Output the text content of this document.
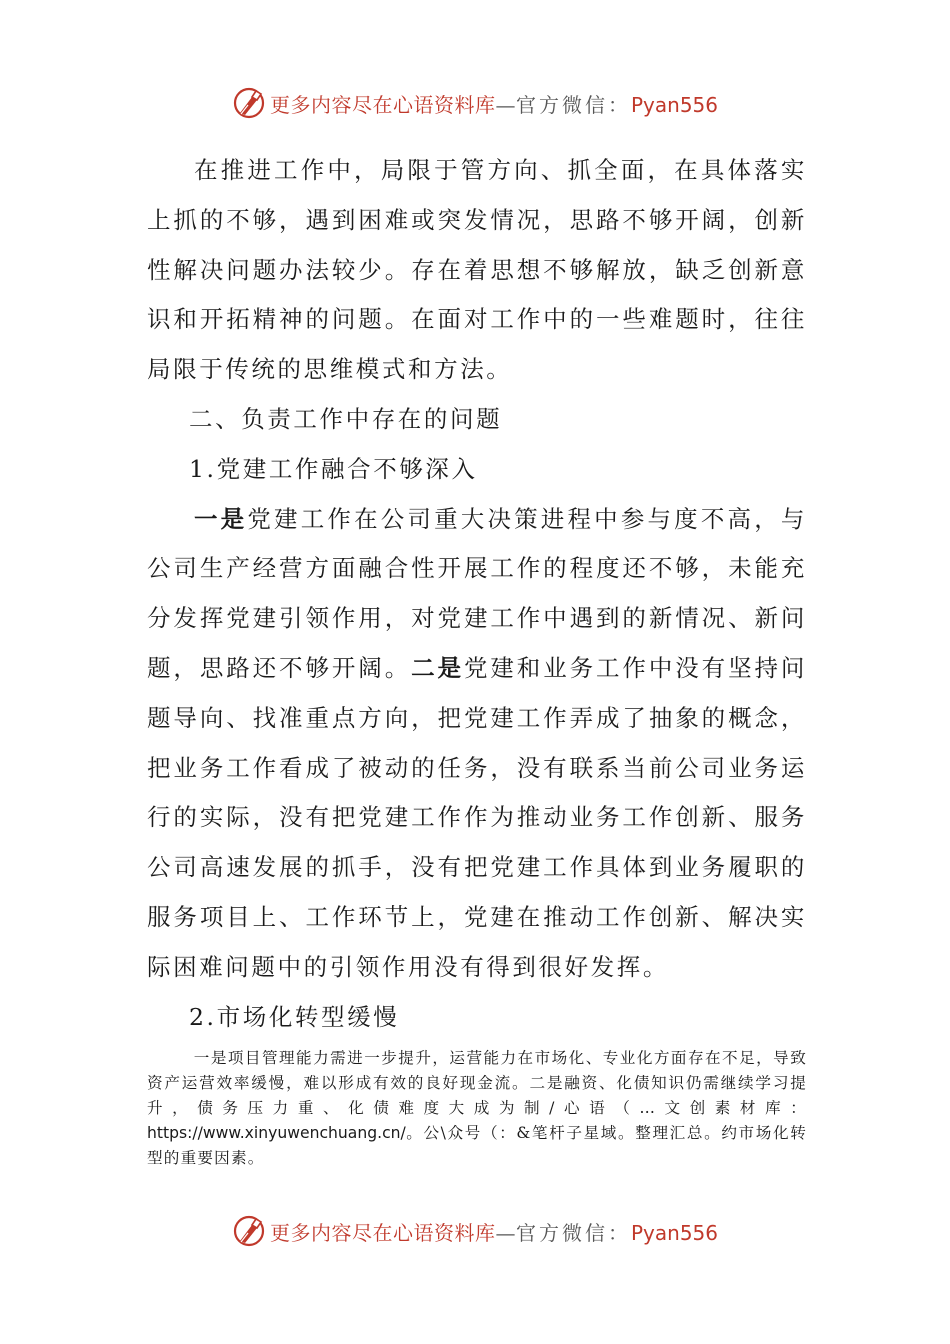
更多内容尽在心语资料库—官方微信：Pyan556

在推进工作中，局限于管方向、抓全面，在具体落实上抓的不够，遇到困难或突发情况，思路不够开阔，创新性解决问题办法较少。存在着思想不够解放，缺乏创新意识和开拓精神的问题。在面对工作中的一些难题时，往往局限于传统的思维模式和方法。

二、负责工作中存在的问题

1.党建工作融合不够深入

一是党建工作在公司重大决策进程中参与度不高，与公司生产经营方面融合性开展工作的程度还不够，未能充分发挥党建引领作用，对党建工作中遇到的新情况、新问题，思路还不够开阔。二是党建和业务工作中没有坚持问题导向、找准重点方向，把党建工作弄成了抽象的概念，把业务工作看成了被动的任务，没有联系当前公司业务运行的实际，没有把党建工作作为推动业务工作创新、服务公司高速发展的抓手，没有把党建工作具体到业务履职的服务项目上、工作环节上，党建在推动工作创新、解决实际困难问题中的引领作用没有得到很好发挥。

2.市场化转型缓慢

一是项目管理能力需进一步提升，运营能力在市场化、专业化方面存在不足，导致资产运营效率缓慢，难以形成有效的良好现金流。二是融资、化债知识仍需继续学习提升，债务压力重、化债难度大成为制/心语（…文创素材库：https://www.xinyuwenchuang.cn/。公\众号（：&笔杆子星域。整理汇总。约市场化转型的重要因素。

更多内容尽在心语资料库—官方微信：Pyan556
